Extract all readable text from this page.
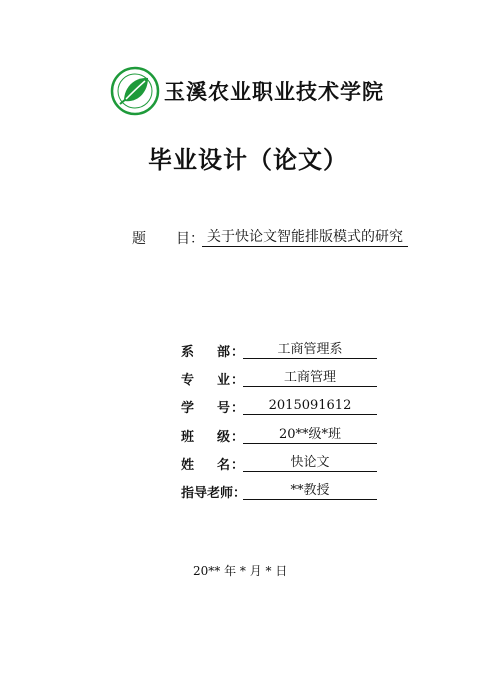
玉溪农业职业技术学院
毕业设计（论文）
题 目： 关于快论文智能排版模式的研究
系 部 ：	工商管理系
专 业 ：	工商管理
学 号 ：	2015091612
班 级 ：	20**级*班
姓 名 ：	快论文
指导老师：	**教授
20** 年 * 月 * 日
